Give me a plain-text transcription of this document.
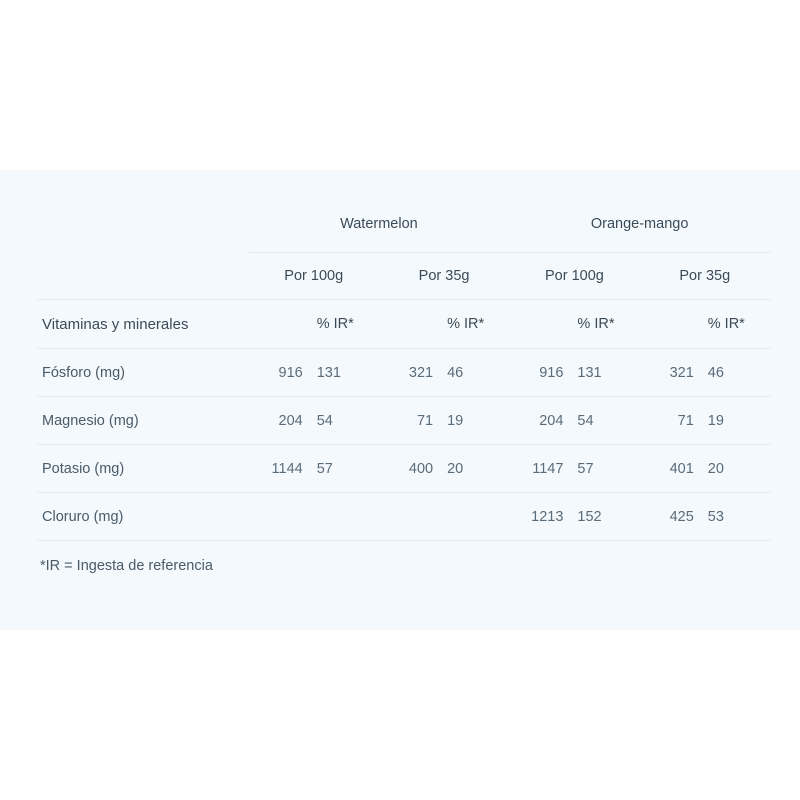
	Watermelon				Orange-mango			
	Por 100g		Por 35g		Por 100g		Por 35g	
Vitaminas y minerales		% IR*		% IR*		% IR*		% IR*
Fósforo (mg)	916	131	321	46	916	131	321	46
Magnesio (mg)	204	54	71	19	204	54	71	19
Potasio (mg)	1144	57	400	20	1147	57	401	20
Cloruro (mg)					1213	152	425	53
*IR = Ingesta de referencia
